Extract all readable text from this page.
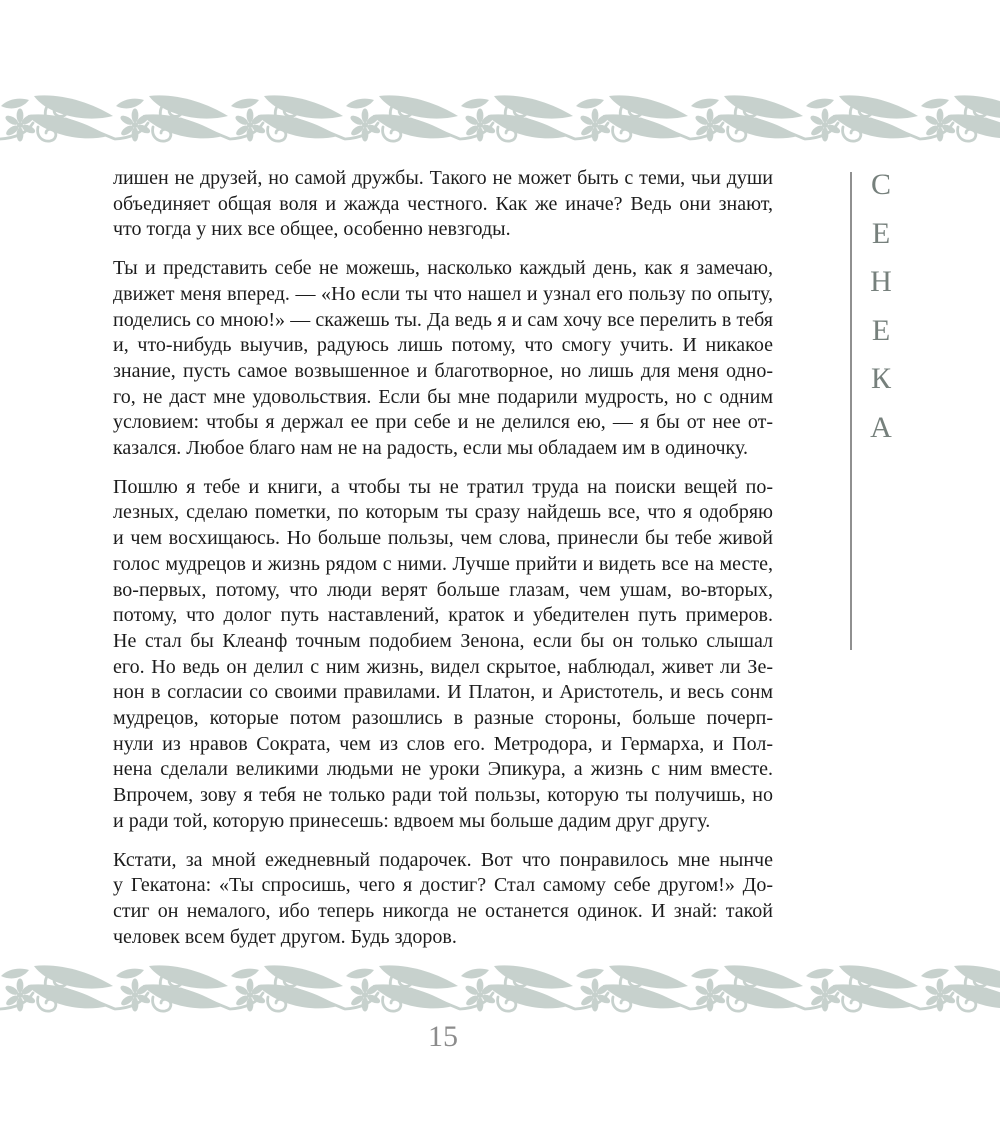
лишен не друзей, но самой дружбы. Такого не может быть с теми, чьи души
объединяет общая воля и жажда честного. Как же иначе? Ведь они знают,
что тогда у них все общее, особенно невзгоды.
Ты и представить себе не можешь, насколько каждый день, как я замечаю,
движет меня вперед. — «Но если ты что нашел и узнал его пользу по опыту,
поделись со мною!» — скажешь ты. Да ведь я и сам хочу все перелить в тебя
и, что-нибудь выучив, радуюсь лишь потому, что смогу учить. И никакое
знание, пусть самое возвышенное и благотворное, но лишь для меня одно-
го, не даст мне удовольствия. Если бы мне подарили мудрость, но с одним
условием: чтобы я держал ее при себе и не делился ею, — я бы от нее от-
казался. Любое благо нам не на радость, если мы обладаем им в одиночку.
Пошлю я тебе и книги, а чтобы ты не тратил труда на поиски вещей по-
лезных, сделаю пометки, по которым ты сразу найдешь все, что я одобряю
и чем восхищаюсь. Но больше пользы, чем слова, принесли бы тебе живой
голос мудрецов и жизнь рядом с ними. Лучше прийти и видеть все на месте,
во-первых, потому, что люди верят больше глазам, чем ушам, во-вторых,
потому, что долог путь наставлений, краток и убедителен путь примеров.
Не стал бы Клеанф точным подобием Зенона, если бы он только слышал
его. Но ведь он делил с ним жизнь, видел скрытое, наблюдал, живет ли Зе-
нон в согласии со своими правилами. И Платон, и Аристотель, и весь сонм
мудрецов, которые потом разошлись в разные стороны, больше почерп-
нули из нравов Сократа, чем из слов его. Метродора, и Гермарха, и Пол-
нена сделали великими людьми не уроки Эпикура, а жизнь с ним вместе.
Впрочем, зову я тебя не только ради той пользы, которую ты получишь, но
и ради той, которую принесешь: вдвоем мы больше дадим друг другу.
Кстати, за мной ежедневный подарочек. Вот что понравилось мне нынче
у Гекатона: «Ты спросишь, чего я достиг? Стал самому себе другом!» До-
стиг он немалого, ибо теперь никогда не останется одинок. И знай: такой
человек всем будет другом. Будь здоров.
С
Е
Н
Е
К
А
15
